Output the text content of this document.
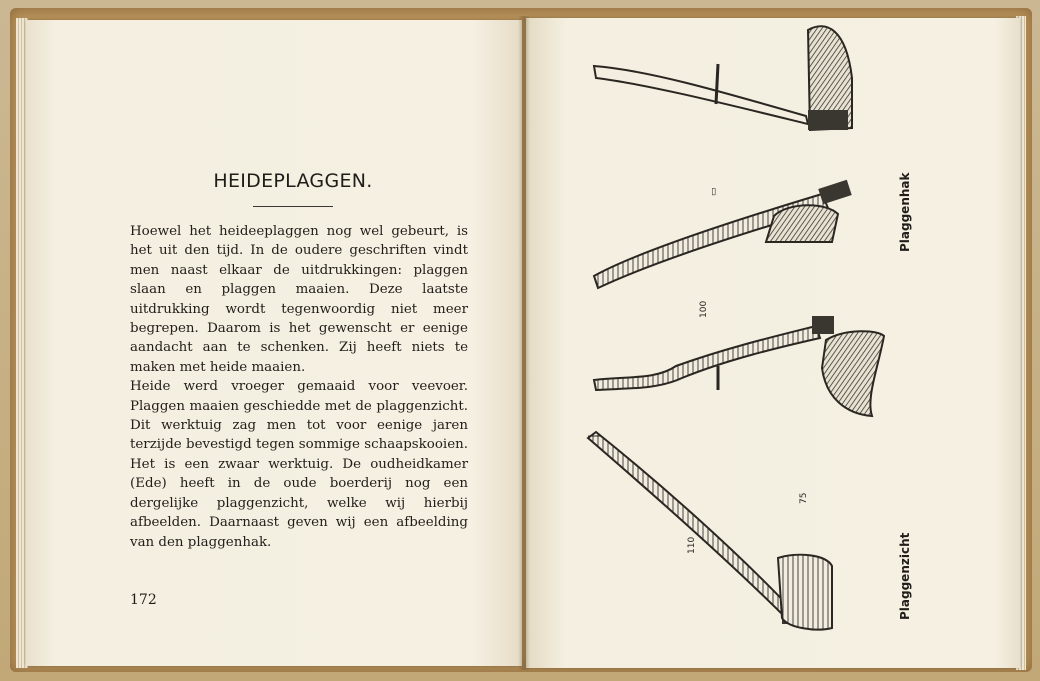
HEIDEPLAGGEN.

Hoewel het heideeplaggen nog wel gebeurt, is het uit den tijd. In de oudere geschriften vindt men naast elkaar de uitdrukkingen: plaggen slaan en plaggen maaien. Deze laatste uitdrukking wordt tegenwoordig niet meer begrepen. Daarom is het gewenscht er eenige aandacht aan te schenken. Zij heeft niets te maken met heide maaien.

Heide werd vroeger gemaaid voor veevoer. Plaggen maaien geschiedde met de plaggenzicht. Dit werktuig zag men tot voor eenige jaren terzijde bevestigd tegen sommige schaapskooien. Het is een zwaar werktuig. De oudheidkamer (Ede) heeft in de oude boerderij nog een dergelijke plaggenzicht, welke wij hierbij afbeelden. Daarnaast geven wij een afbeelding van den plaggenhak.

172
▭
100
110
75
Plaggenhak
Plaggenzicht
